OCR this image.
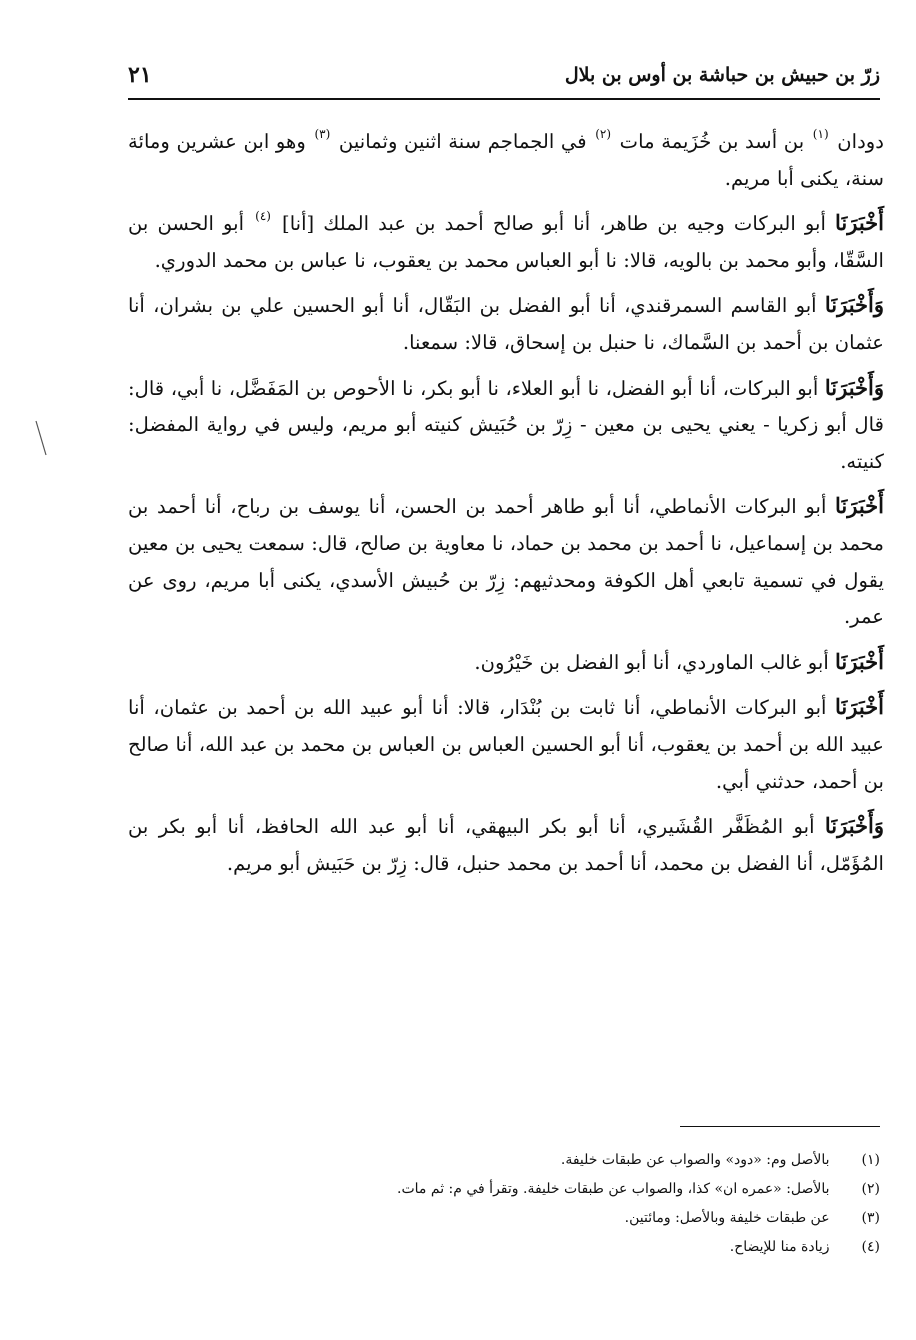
٢١	زرّ بن حبيش بن حباشة بن أوس بن بلال

دودان $^{(١)}$ بن أسد بن خُزَيمة مات $^{(٢)}$ في الجماجم سنة اثنين وثمانين $^{(٣)}$ وهو ابن عشرين ومائة سنة، يكنى أبا مريم.

أَخْبَرَنَا أبو البركات وجيه بن طاهر، أنا أبو صالح أحمد بن عبد الملك [أنا] $^{(٤)}$ أبو الحسن بن السَّقّا، وأبو محمد بن بالويه، قالا: نا أبو العباس محمد بن يعقوب، نا عباس بن محمد الدوري.

وَأَخْبَرَنَا أبو القاسم السمرقندي، أنا أبو الفضل بن البَقّال، أنا أبو الحسين علي بن بشران، أنا عثمان بن أحمد بن السَّماك، نا حنبل بن إسحاق، قالا: سمعنا.

وَأَخْبَرَنَا أبو البركات، أنا أبو الفضل، نا أبو العلاء، نا أبو بكر، نا الأحوص بن المَفَضَّل، نا أبي، قال: قال أبو زكريا - يعني يحيى بن معين - زِرّ بن حُبَيش كنيته أبو مريم، وليس في رواية المفضل: كنيته.

أَخْبَرَنَا أبو البركات الأنماطي، أنا أبو طاهر أحمد بن الحسن، أنا يوسف بن رباح، أنا أحمد بن محمد بن إسماعيل، نا أحمد بن محمد بن حماد، نا معاوية بن صالح، قال: سمعت يحيى بن معين يقول في تسمية تابعي أهل الكوفة ومحدثيهم: زِرّ بن حُبيش الأسدي، يكنى أبا مريم، روى عن عمر.

أَخْبَرَنَا أبو غالب الماوردي، أنا أبو الفضل بن خَيْرُون.

أَخْبَرَنَا أبو البركات الأنماطي، أنا ثابت بن بُنْدَار، قالا: أنا أبو عبيد الله بن أحمد بن عثمان، أنا عبيد الله بن أحمد بن يعقوب، أنا أبو الحسين العباس بن العباس بن محمد بن عبد الله، أنا صالح بن أحمد، حدثني أبي.

وَأَخْبَرَنَا أبو المُظَفَّر القُشَيري، أنا أبو بكر البيهقي، أنا أبو عبد الله الحافظ، أنا أبو بكر بن المُؤَمّل، أنا الفضل بن محمد، أنا أحمد بن محمد حنبل، قال: زِرّ بن حَبَيش أبو مريم.

(١) بالأصل وم: «دود» والصواب عن طبقات خليفة.
(٢) بالأصل: «عمره ان» كذا، والصواب عن طبقات خليفة. وتقرأ في م: ثم مات.
(٣) عن طبقات خليفة وبالأصل: ومائتين.
(٤) زيادة منا للإيضاح.
